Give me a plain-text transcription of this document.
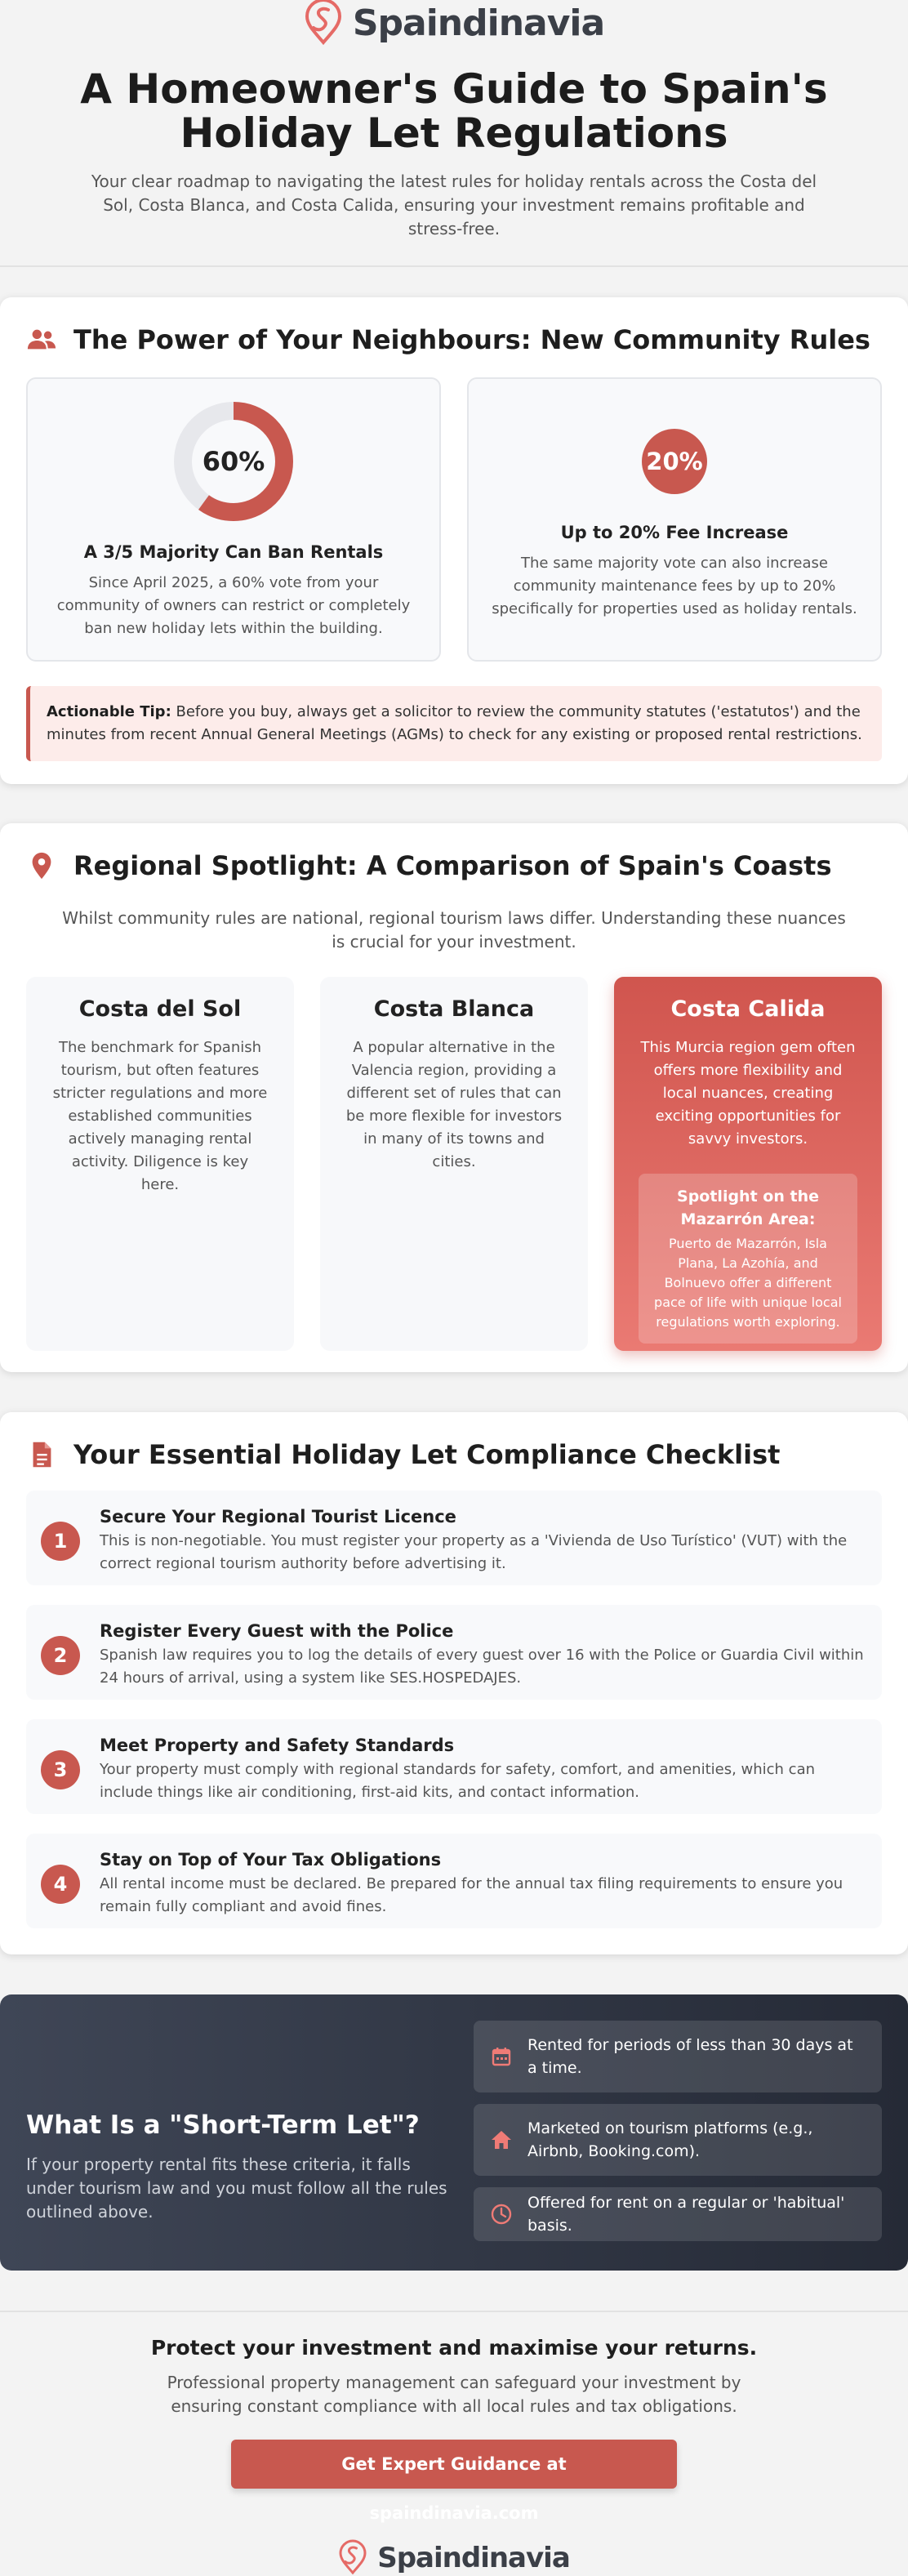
Spaindinavia
A Homeowner's Guide to Spain's Holiday Let Regulations

Your clear roadmap to navigating the latest rules for holiday rentals across the Costa del Sol, Costa Blanca, and Costa Calida, ensuring your investment remains profitable and stress-free.

The Power of Your Neighbours: New Community Rules
60%
A 3/5 Majority Can Ban Rentals
Since April 2025, a 60% vote from your community of owners can restrict or completely ban new holiday lets within the building.
20%
Up to 20% Fee Increase
The same majority vote can also increase community maintenance fees by up to 20% specifically for properties used as holiday rentals.
Actionable Tip: Before you buy, always get a solicitor to review the community statutes ('estatutos') and the minutes from recent Annual General Meetings (AGMs) to check for any existing or proposed rental restrictions.
Regional Spotlight: A Comparison of Spain's Coasts

Whilst community rules are national, regional tourism laws differ. Understanding these nuances is crucial for your investment.

Costa del Sol

The benchmark for Spanish tourism, but often features stricter regulations and more established communities actively managing rental activity. Diligence is key here.

Costa Blanca

A popular alternative in the Valencia region, providing a different set of rules that can be more flexible for investors in many of its towns and cities.

Costa Calida

This Murcia region gem often offers more flexibility and local nuances, creating exciting opportunities for savvy investors.

Spotlight on the Mazarrón Area:
Puerto de Mazarrón, Isla Plana, La Azohía, and Bolnuevo offer a different pace of life with unique local regulations worth exploring.
Your Essential Holiday Let Compliance Checklist
1
Secure Your Regional Tourist Licence
This is non-negotiable. You must register your property as a 'Vivienda de Uso Turístico' (VUT) with the correct regional tourism authority before advertising it.
2
Register Every Guest with the Police
Spanish law requires you to log the details of every guest over 16 with the Police or Guardia Civil within 24 hours of arrival, using a system like SES.HOSPEDAJES.
3
Meet Property and Safety Standards
Your property must comply with regional standards for safety, comfort, and amenities, which can include things like air conditioning, first-aid kits, and contact information.
4
Stay on Top of Your Tax Obligations
All rental income must be declared. Be prepared for the annual tax filing requirements to ensure you remain fully compliant and avoid fines.
What Is a "Short-Term Let"?
If your property rental fits these criteria, it falls under tourism law and you must follow all the rules outlined above.
Rented for periods of less than 30 days at a time.
Marketed on tourism platforms (e.g., Airbnb, Booking.com).
Offered for rent on a regular or 'habitual' basis.
Protect your investment and maximise your returns.

Professional property management can safeguard your investment by ensuring constant compliance with all local rules and tax obligations.

Get Expert Guidance at spaindinavia.com
Spaindinavia
